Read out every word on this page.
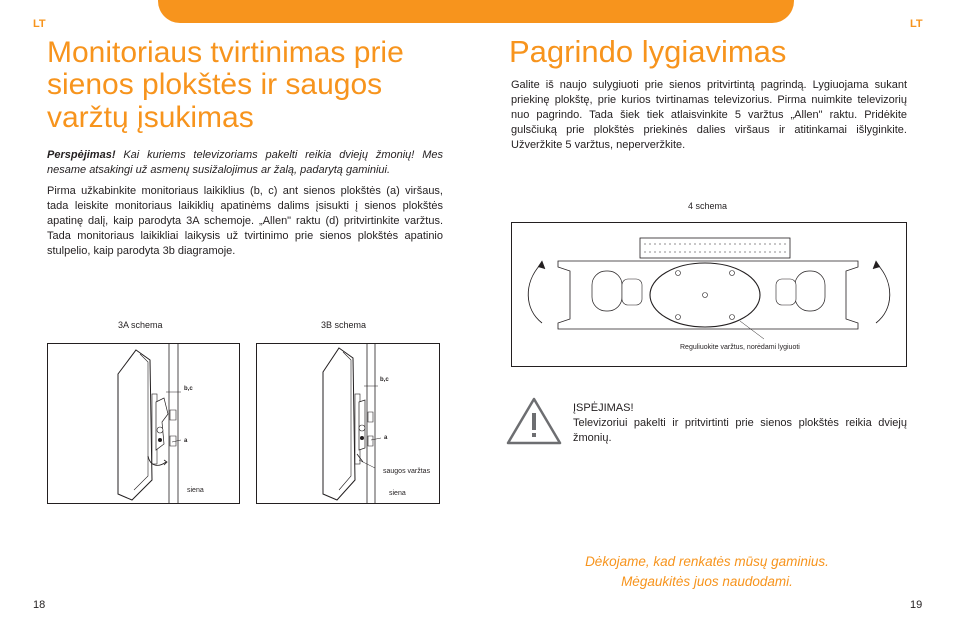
LT	LT
Monitoriaus tvirtinimas prie
sienos plokštės ir saugos
varžtų įsukimas

Perspėjimas! Kai kuriems televizoriams pakelti reikia dviejų žmonių! Mes nesame atsakingi už asmenų susižalojimus ar žalą, padarytą gaminiui.

Pirma užkabinkite monitoriaus laikiklius (b, c) ant sienos plokštės (a) viršaus, tada leiskite monitoriaus laikiklių apatinėms dalims įsisukti į sienos plokštės apatinę dalį, kaip parodyta 3A schemoje. „Allen" raktu (d) pritvirtinkite varžtus. Tada monitoriaus laikikliai laikysis už tvirtinimo prie sienos plokštės apatinio stulpelio, kaip parodyta 3b diagramoje.

3A schema
b,c
a
siena
3B schema
b,c
a
saugos varžtas
siena
18
Pagrindo lygiavimas

Galite iš naujo sulygiuoti prie sienos pritvirtintą pagrindą. Lygiuojama sukant priekinę plokštę, prie kurios tvirtinamas televizorius. Pirma nuimkite televizorių nuo pagrindo. Tada šiek tiek atlaisvinkite 5 varžtus „Allen" raktu. Pridėkite gulsčiuką prie plokštės priekinės dalies viršaus ir atitinkamai išlyginkite. Užveržkite 5 varžtus, neperveržkite.

4 schema
Reguliuokite varžtus, norėdami lygiuoti
ĮSPĖJIMAS!
Televizoriui pakelti ir pritvirtinti prie sienos plokštės reikia dviejų žmonių.
Dėkojame, kad renkatės mūsų gaminius.
Mėgaukitės juos naudodami.
19
